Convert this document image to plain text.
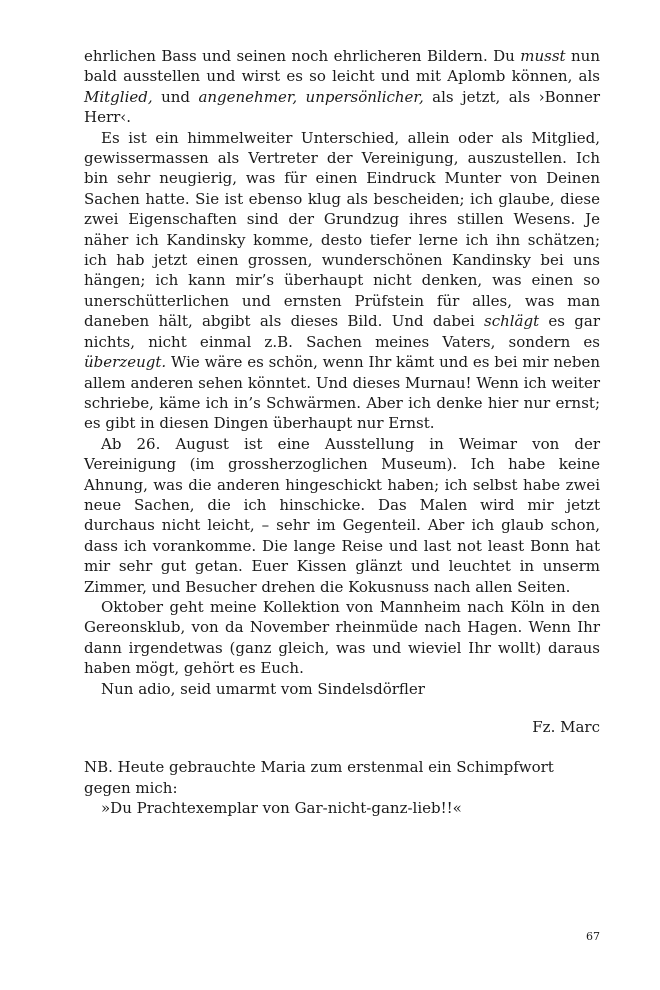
ehrlichen Bass und seinen noch ehrlicheren Bildern. Du musst nun bald ausstellen und wirst es so leicht und mit Aplomb können, als Mitglied, und angenehmer, unpersönlicher, als jetzt, als ›Bonner Herr‹.

Es ist ein himmelweiter Unterschied, allein oder als Mitglied, gewissermassen als Vertreter der Vereinigung, auszustellen. Ich bin sehr neugierig, was für einen Eindruck Munter von Deinen Sachen hatte. Sie ist ebenso klug als bescheiden; ich glaube, diese zwei Eigenschaften sind der Grundzug ihres stillen Wesens. Je näher ich Kandinsky komme, desto tiefer lerne ich ihn schätzen; ich hab jetzt einen grossen, wunderschönen Kandinsky bei uns hängen; ich kann mir’s überhaupt nicht denken, was einen so unerschütterlichen und ernsten Prüfstein für alles, was man daneben hält, abgibt als dieses Bild. Und dabei schlägt es gar nichts, nicht einmal z.B. Sachen meines Vaters, sondern es überzeugt. Wie wäre es schön, wenn Ihr kämt und es bei mir neben allem anderen sehen könntet. Und dieses Murnau! Wenn ich weiter schriebe, käme ich in’s Schwärmen. Aber ich denke hier nur ernst; es gibt in diesen Dingen überhaupt nur Ernst.

Ab 26. August ist eine Ausstellung in Weimar von der Vereinigung (im grossherzoglichen Museum). Ich habe keine Ahnung, was die anderen hingeschickt haben; ich selbst habe zwei neue Sachen, die ich hinschicke. Das Malen wird mir jetzt durchaus nicht leicht, – sehr im Gegenteil. Aber ich glaub schon, dass ich vorankomme. Die lange Reise und last not least Bonn hat mir sehr gut getan. Euer Kissen glänzt und leuchtet in unserm Zimmer, und Besucher drehen die Kokusnuss nach allen Seiten.

Oktober geht meine Kollektion von Mannheim nach Köln in den Gereonsklub, von da November rheinmüde nach Hagen. Wenn Ihr dann irgendetwas (ganz gleich, was und wieviel Ihr wollt) daraus haben mögt, gehört es Euch.

Nun adio, seid umarmt vom Sindelsdörfler

Fz. Marc

NB. Heute gebrauchte Maria zum erstenmal ein Schimpfwort gegen mich:
»Du Prachtexemplar von Gar-nicht-ganz-lieb!!«

67
